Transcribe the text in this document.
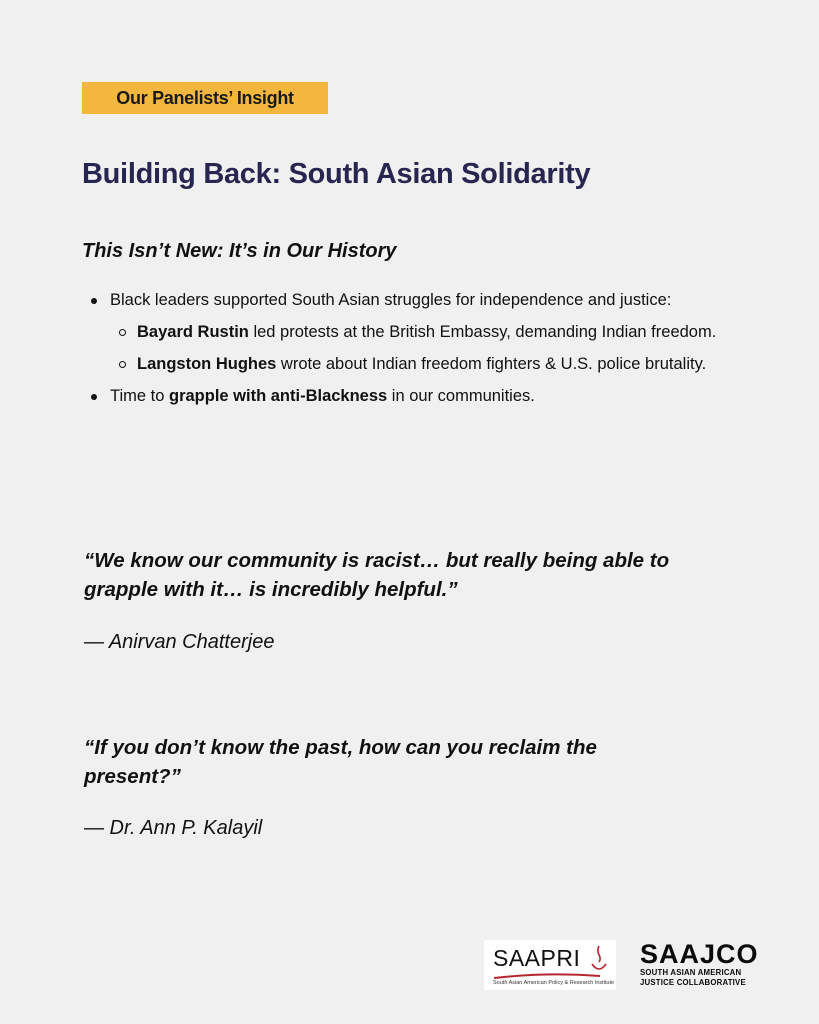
Our Panelists’ Insight
Building Back: South Asian Solidarity
This Isn’t New: It’s in Our History
Black leaders supported South Asian struggles for independence and justice:
Bayard Rustin led protests at the British Embassy, demanding Indian freedom.
Langston Hughes wrote about Indian freedom fighters & U.S. police brutality.
Time to grapple with anti-Blackness in our communities.

“We know our community is racist… but really being able to grapple with it… is incredibly helpful.”

— Anirvan Chatterjee

“If you don’t know the past, how can you reclaim the present?”

— Dr. Ann P. Kalayil

SAAPRI
South Asian American Policy & Research Institute
SAAJCO
SOUTH ASIAN AMERICAN
JUSTICE COLLABORATIVE
